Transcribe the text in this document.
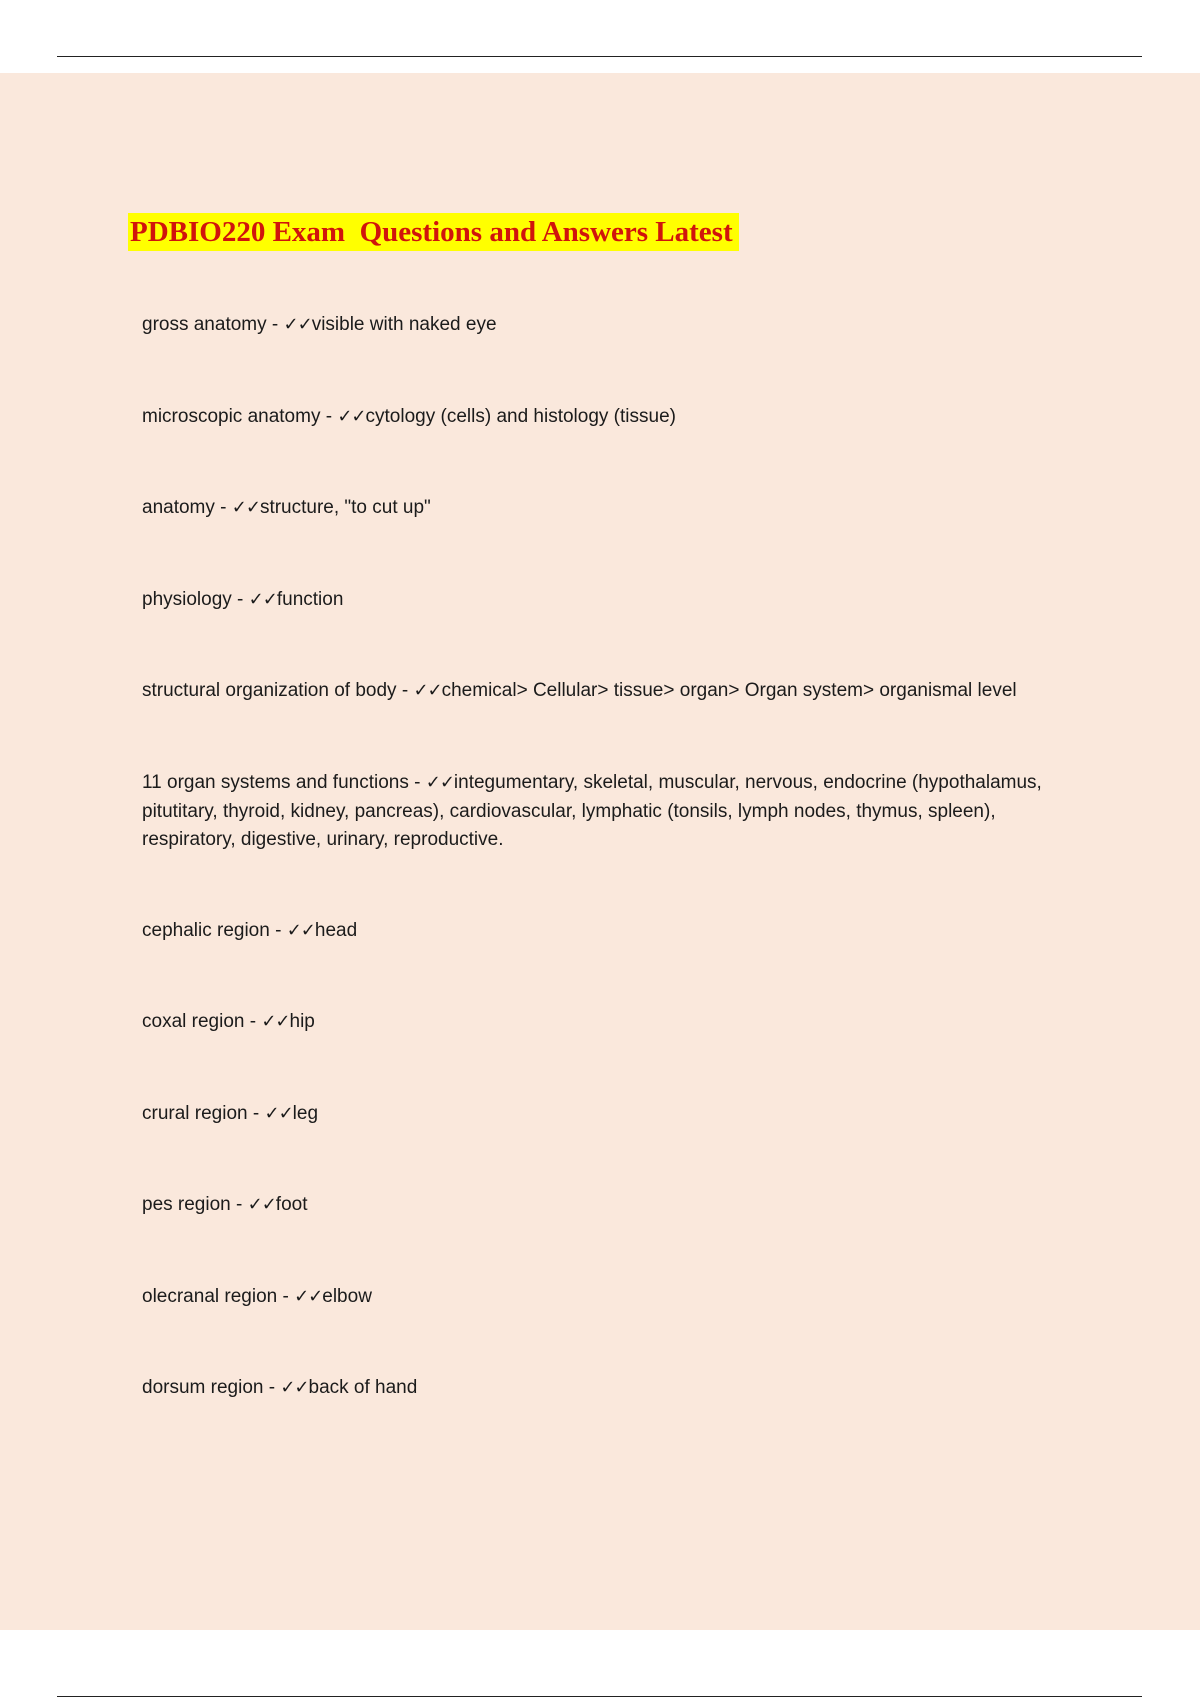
PDBIO220 Exam  Questions and Answers Latest
gross anatomy - ✓✓visible with naked eye
microscopic anatomy - ✓✓cytology (cells) and histology (tissue)
anatomy - ✓✓structure, "to cut up"
physiology - ✓✓function
structural organization of body - ✓✓chemical> Cellular> tissue> organ> Organ system> organismal level
11 organ systems and functions - ✓✓integumentary, skeletal, muscular, nervous, endocrine (hypothalamus, pitutitary, thyroid, kidney, pancreas), cardiovascular, lymphatic (tonsils, lymph nodes, thymus, spleen), respiratory, digestive, urinary, reproductive.
cephalic region - ✓✓head
coxal region - ✓✓hip
crural region - ✓✓leg
pes region - ✓✓foot
olecranal region - ✓✓elbow
dorsum region - ✓✓back of hand
